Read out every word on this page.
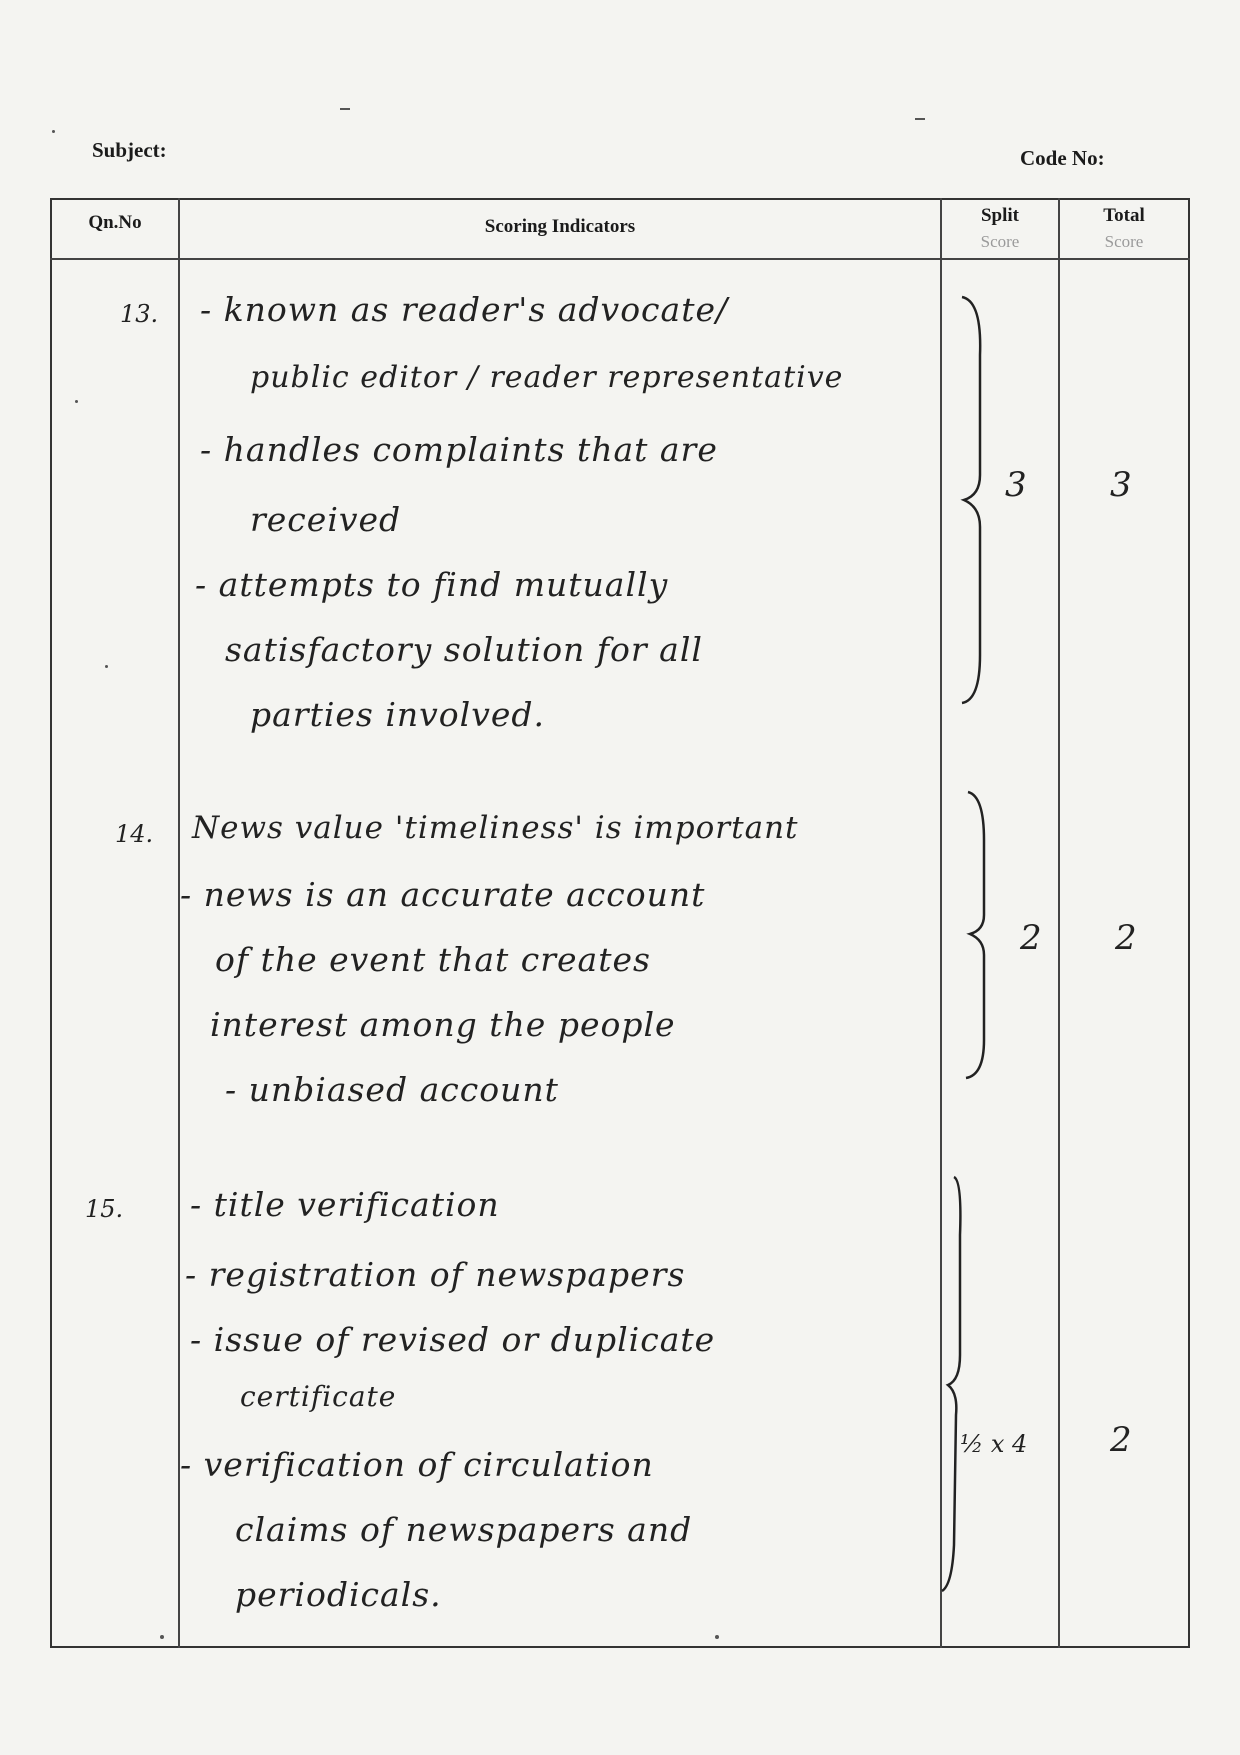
Subject:	Code No:
Qn.No	Scoring Indicators
Split
Score
Total
Score
13. - known as reader's advocate/
public editor / reader representative
- handles complaints that are
received
- attempts to find mutually
satisfactory solution for all
parties involved.
3 3
14. News value 'timeliness' is important
- news is an accurate account
of the event that creates
interest among the people
- unbiased account
2 2
15. - title verification
- registration of newspapers
- issue of revised or duplicate
certificate
- verification of circulation
claims of newspapers and
periodicals.
½ x 4 2
